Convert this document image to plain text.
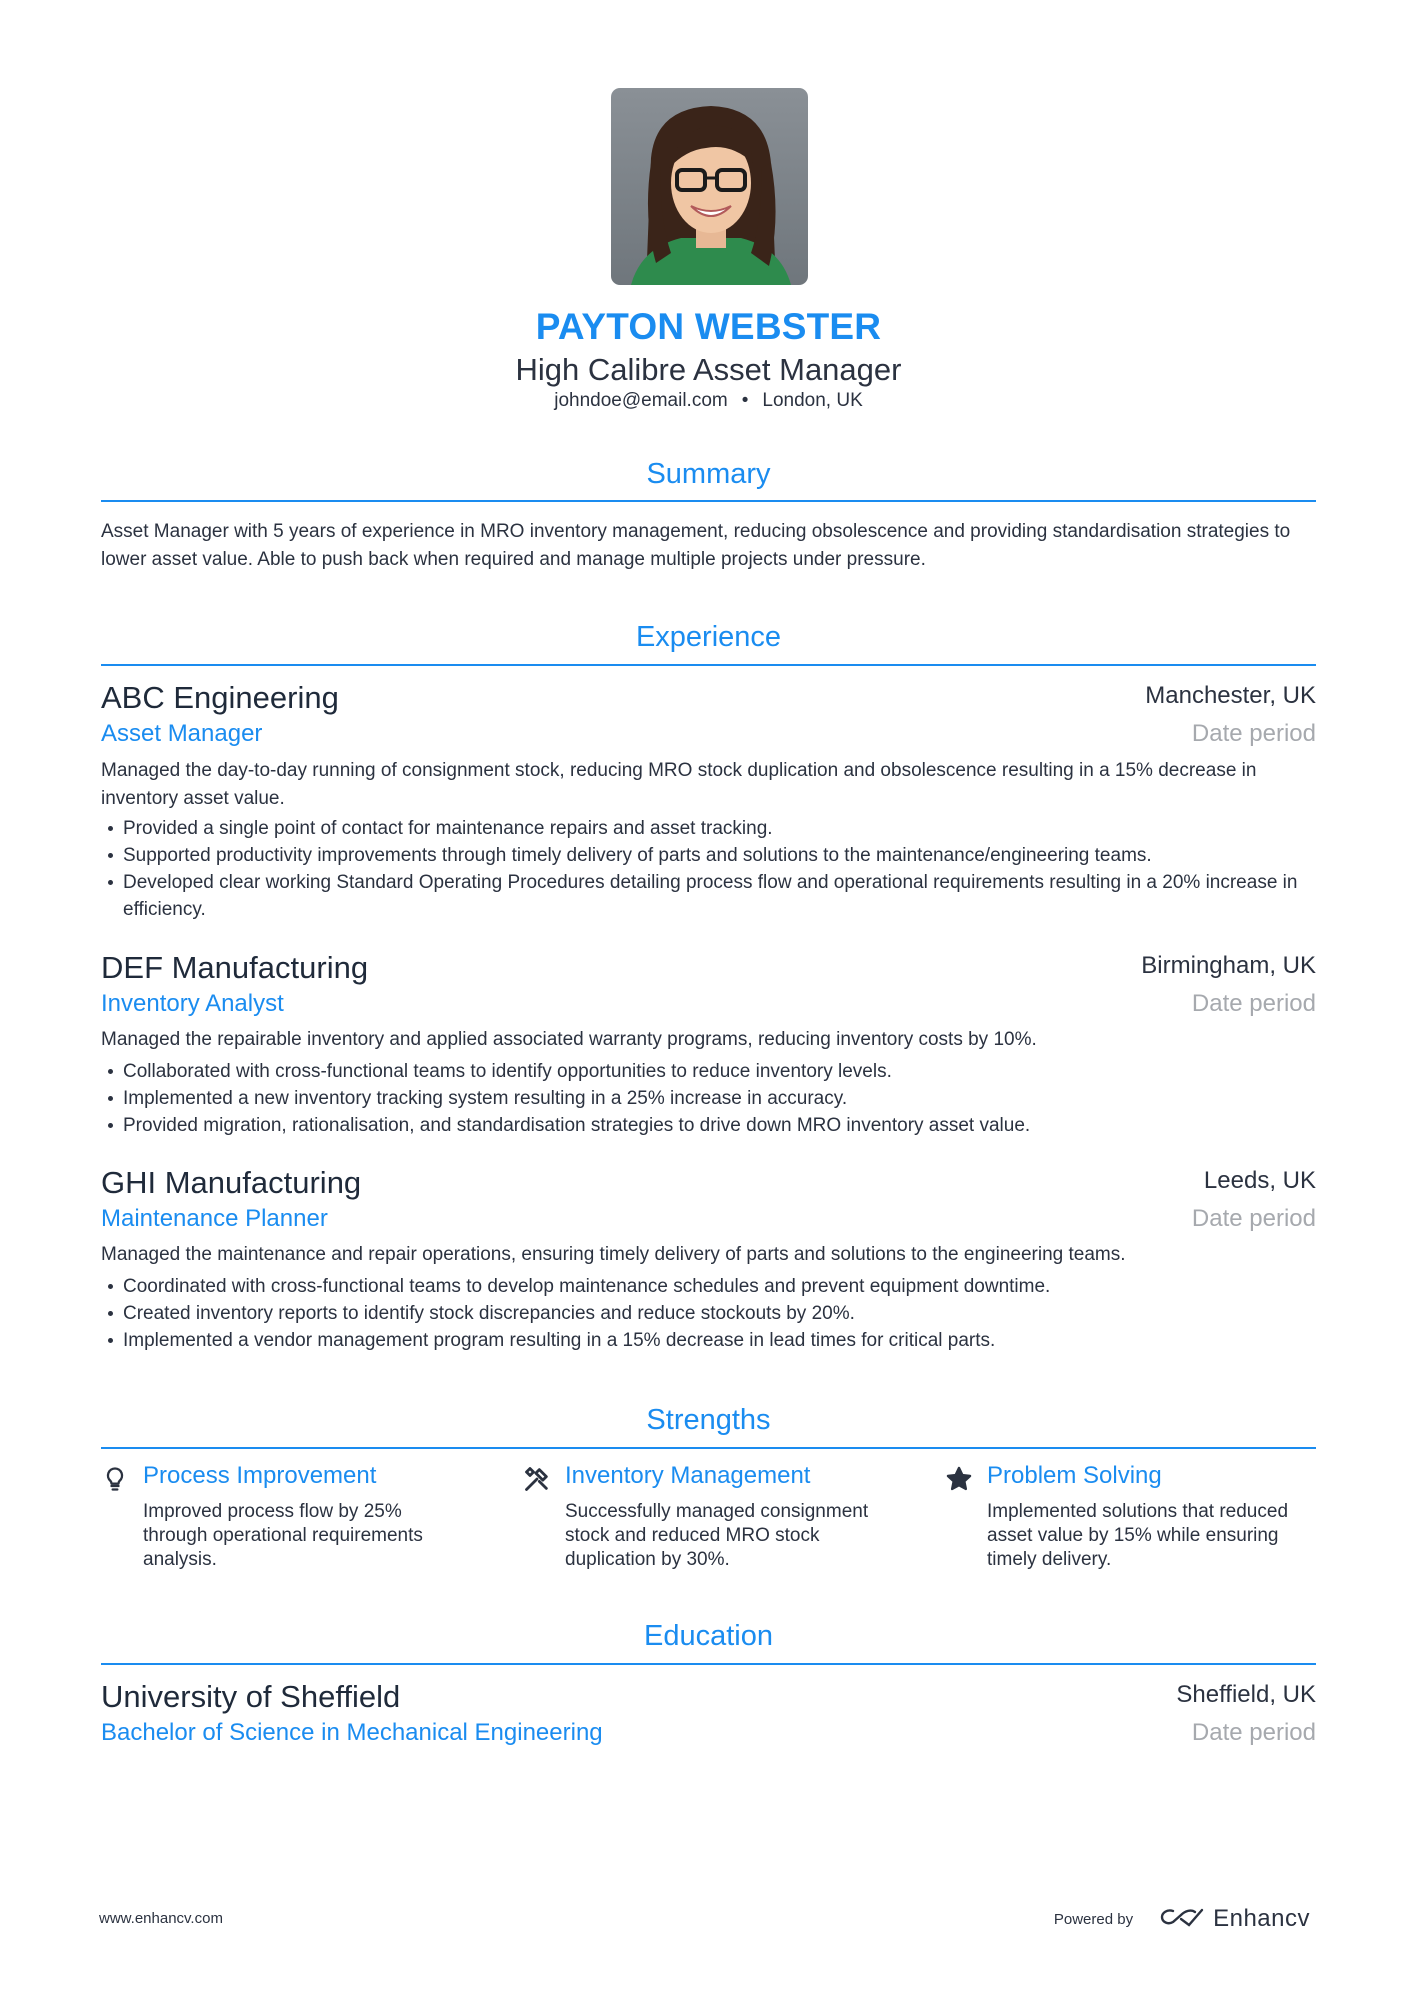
PAYTON WEBSTER
High Calibre Asset Manager
johndoe@email.com • London, UK
Summary
Asset Manager with 5 years of experience in MRO inventory management, reducing obsolescence and providing standardisation strategies to lower asset value. Able to push back when required and manage multiple projects under pressure.
Experience
ABC Engineering	Manchester, UK
Asset Manager	Date period
Managed the day-to-day running of consignment stock, reducing MRO stock duplication and obsolescence resulting in a 15% decrease in inventory asset value.
Provided a single point of contact for maintenance repairs and asset tracking.
Supported productivity improvements through timely delivery of parts and solutions to the maintenance/engineering teams.
Developed clear working Standard Operating Procedures detailing process flow and operational requirements resulting in a 20% increase in efficiency.
DEF Manufacturing	Birmingham, UK
Inventory Analyst	Date period
Managed the repairable inventory and applied associated warranty programs, reducing inventory costs by 10%.
Collaborated with cross-functional teams to identify opportunities to reduce inventory levels.
Implemented a new inventory tracking system resulting in a 25% increase in accuracy.
Provided migration, rationalisation, and standardisation strategies to drive down MRO inventory asset value.
GHI Manufacturing	Leeds, UK
Maintenance Planner	Date period
Managed the maintenance and repair operations, ensuring timely delivery of parts and solutions to the engineering teams.
Coordinated with cross-functional teams to develop maintenance schedules and prevent equipment downtime.
Created inventory reports to identify stock discrepancies and reduce stockouts by 20%.
Implemented a vendor management program resulting in a 15% decrease in lead times for critical parts.
Strengths
Process Improvement
Improved process flow by 25% through operational requirements analysis.
Inventory Management
Successfully managed consignment stock and reduced MRO stock duplication by 30%.
Problem Solving
Implemented solutions that reduced asset value by 15% while ensuring timely delivery.
Education
University of Sheffield	Sheffield, UK
Bachelor of Science in Mechanical Engineering	Date period
www.enhancv.com	Powered by	Enhancv
